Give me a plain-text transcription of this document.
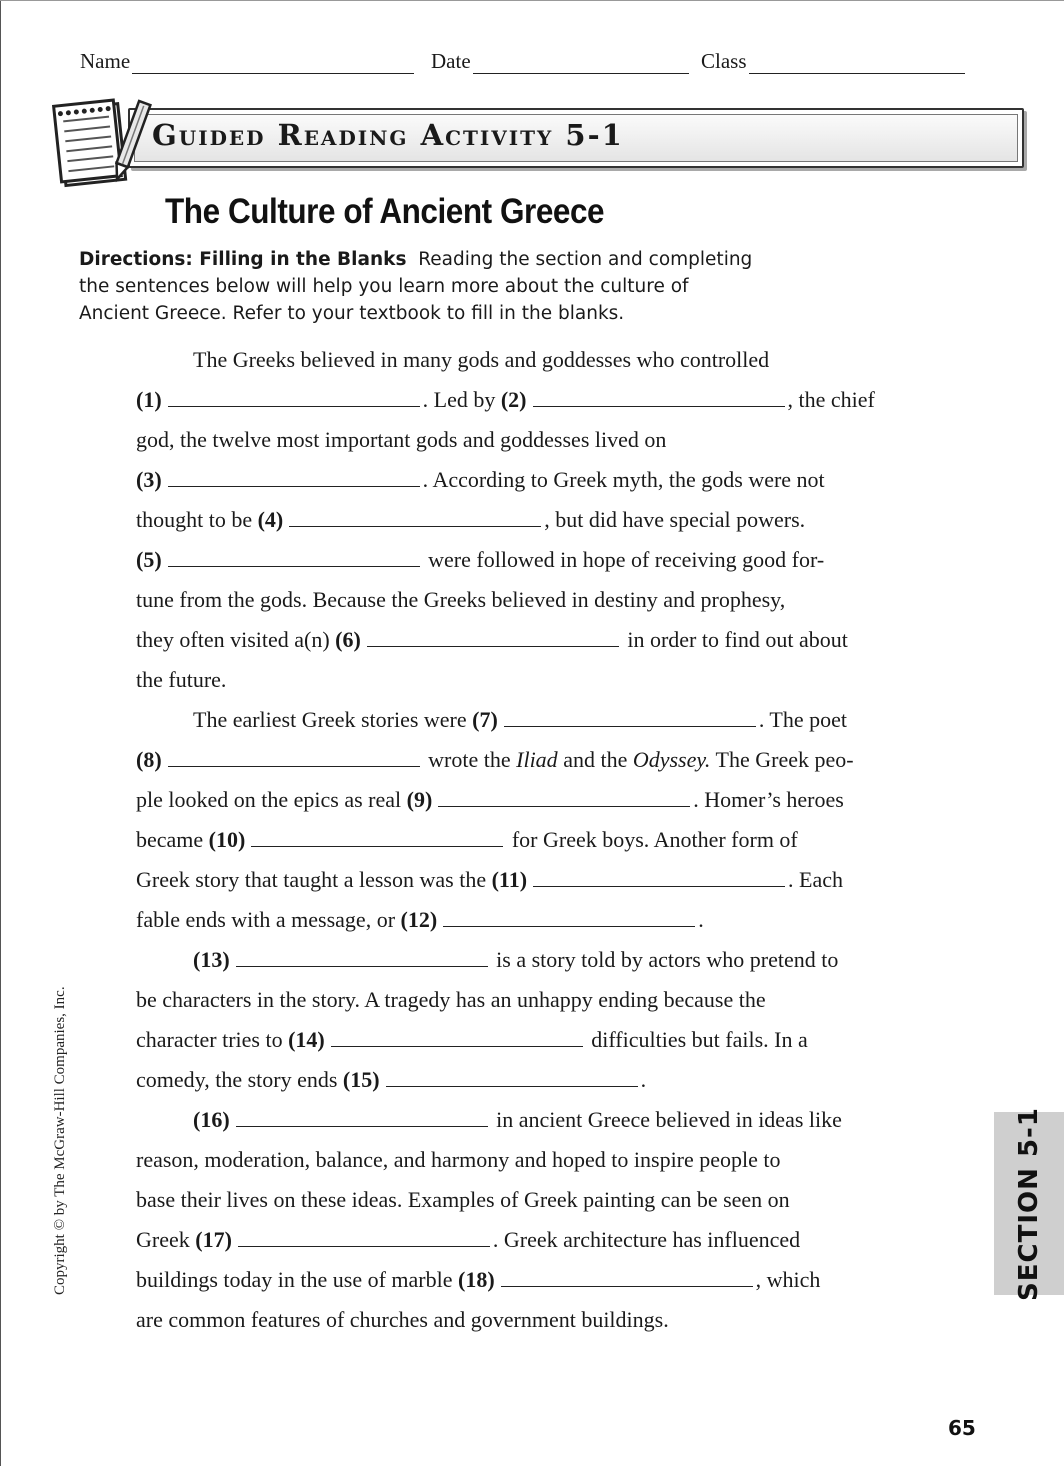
Name	Date	Class
Guided Reading Activity 5-1
The Culture of Ancient Greece
Directions: Filling in the Blanks Reading the section and completing
the sentences below will help you learn more about the culture of
Ancient Greece. Refer to your textbook to fill in the blanks.
The Greeks believed in many gods and goddesses who controlled
(1)	. Led by (2)	, the chief
god, the twelve most important gods and goddesses lived on
(3)	. According to Greek myth, the gods were not
thought to be (4)	, but did have special powers.
(5)	were followed in hope of receiving good for-
tune from the gods. Because the Greeks believed in destiny and prophesy,
they often visited a(n) (6)	in order to find out about
the future.
The earliest Greek stories were (7)	. The poet
(8)	wrote the Iliad and the Odyssey. The Greek peo-
ple looked on the epics as real (9)	. Homer’s heroes
became (10)	for Greek boys. Another form of
Greek story that taught a lesson was the (11)	. Each
fable ends with a message, or (12)	.
(13)	is a story told by actors who pretend to
be characters in the story. A tragedy has an unhappy ending because the
character tries to (14)	difficulties but fails. In a
comedy, the story ends (15)	.
(16)	in ancient Greece believed in ideas like
reason, moderation, balance, and harmony and hoped to inspire people to
base their lives on these ideas. Examples of Greek painting can be seen on
Greek (17)	. Greek architecture has influenced
buildings today in the use of marble (18)	, which
are common features of churches and government buildings.
Copyright © by The McGraw-Hill Companies, Inc.	SECTION 5-1
65
